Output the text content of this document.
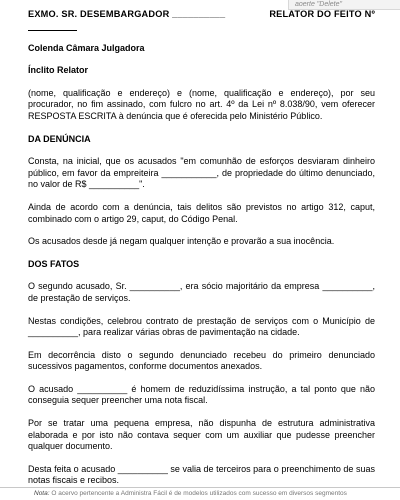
aoerte "Delete"
EXMO. SR. DESEMBARGADOR __________	RELATOR DO FEITO Nº
Colenda Câmara Julgadora
Ínclito Relator

(nome, qualificação e endereço) e (nome, qualificação e endereço), por seu procurador, no fim assinado, com fulcro no art. 4º da Lei nº 8.038/90, vem oferecer RESPOSTA ESCRITA à denúncia que é oferecida pelo Ministério Público.

DA DENÚNCIA

Consta, na inicial, que os acusados "em comunhão de esforços desviaram dinheiro público, em favor da empreiteira ___________, de propriedade do último denunciado, no valor de R$ __________".

Ainda de acordo com a denúncia, tais delitos são previstos no artigo 312, caput, combinado com o artigo 29, caput, do Código Penal.

Os acusados desde já negam qualquer intenção e provarão a sua inocência.

DOS FATOS

O segundo acusado, Sr. __________, era sócio majoritário da empresa __________, de prestação de serviços.

Nestas condições, celebrou contrato de prestação de serviços com o Município de __________, para realizar várias obras de pavimentação na cidade.

Em decorrência disto o segundo denunciado recebeu do primeiro denunciado sucessivos pagamentos, conforme documentos anexados.

O acusado __________ é homem de reduzidíssima instrução, a tal ponto que não conseguia sequer preencher uma nota fiscal.

Por se tratar uma pequena empresa, não dispunha de estrutura administrativa elaborada e por isto não contava sequer com um auxiliar que pudesse preencher qualquer documento.

Desta feita o acusado __________ se valia de terceiros para o preenchimento de suas notas fiscais e recibos.

Nota: O acervo pertencente a Administra Fácil é de modelos utilizados com sucesso em diversos segmentos
